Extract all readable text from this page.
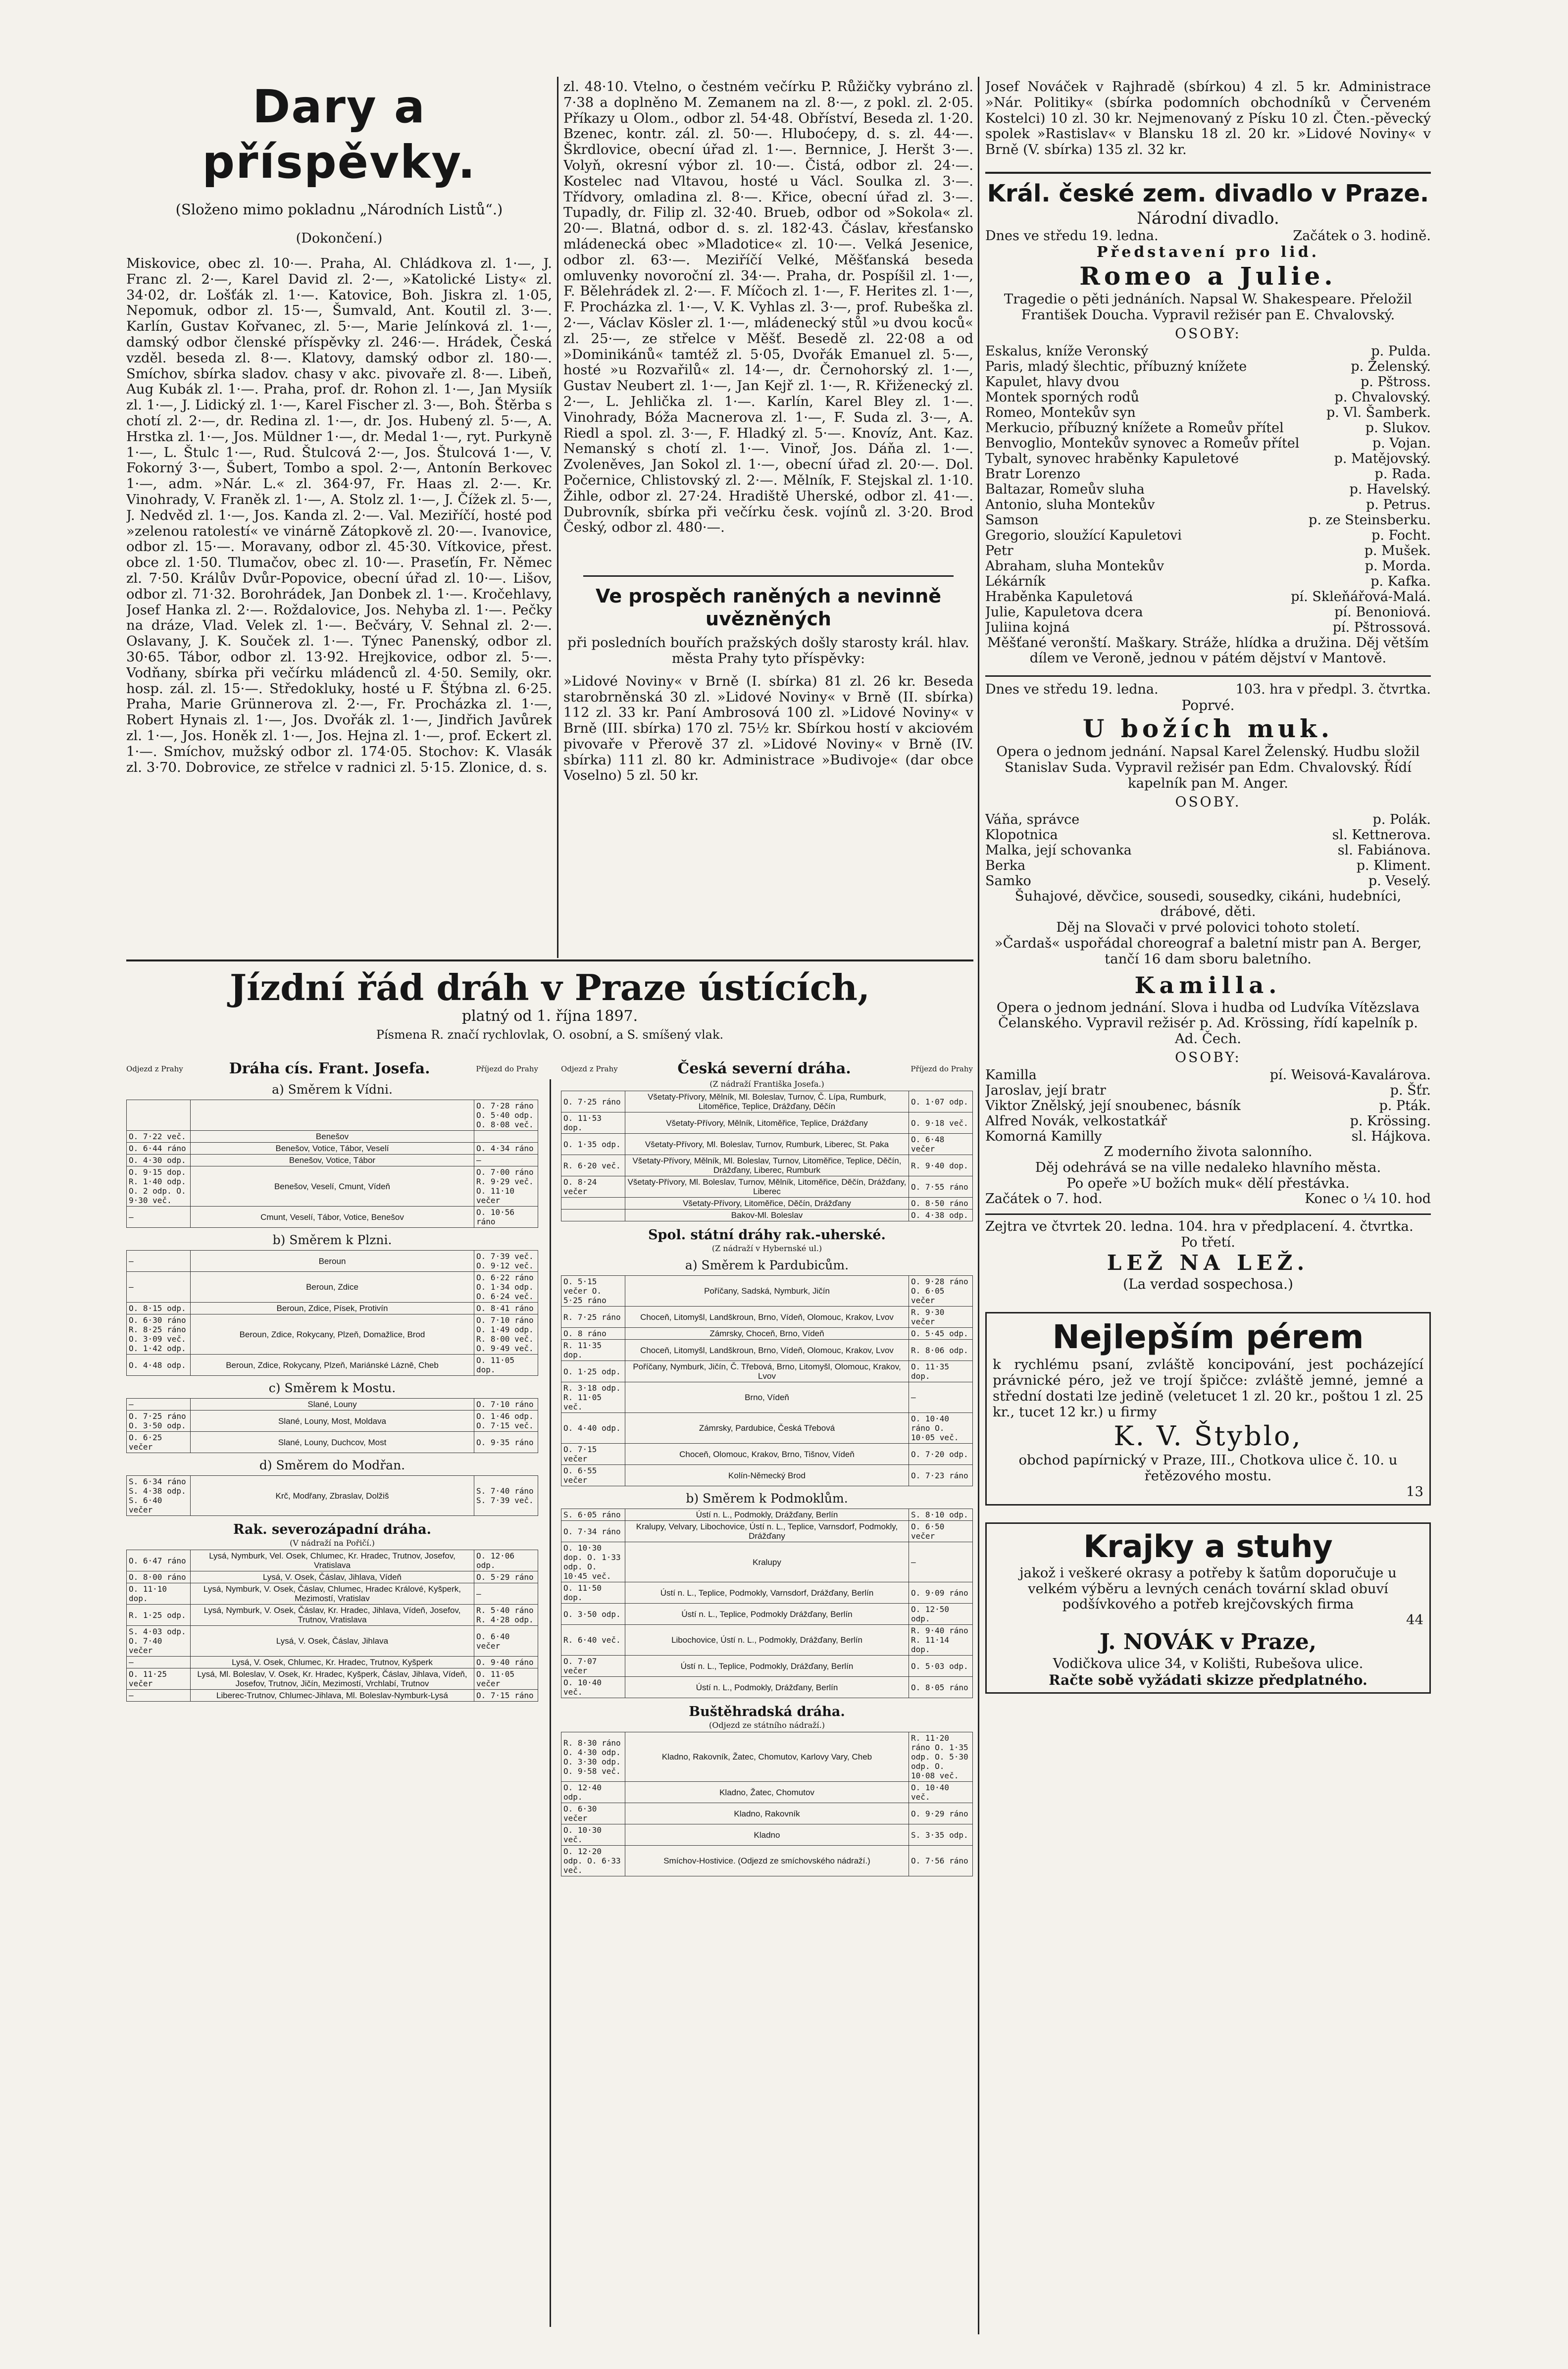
Dary a příspěvky.

(Složeno mimo pokladnu „Národních Listů“.)

(Dokončení.)

Miskovice, obec zl. 10·—. Praha, Al. Chládkova zl. 1·—, J. Franc zl. 2·—, Karel David zl. 2·—, »Katolické Listy« zl. 34·02, dr. Lošťák zl. 1·—. Katovice, Boh. Jiskra zl. 1·05, Nepomuk, odbor zl. 15·—, Šumvald, Ant. Koutil zl. 3·—. Karlín, Gustav Kořvanec, zl. 5·—, Marie Jelínková zl. 1·—, damský odbor členské příspěvky zl. 246·—. Hrádek, Česká vzděl. beseda zl. 8·—. Klatovy, damský odbor zl. 180·—. Smíchov, sbírka sladov. chasy v akc. pivovaře zl. 8·—. Libeň, Aug Kubák zl. 1·—. Praha, prof. dr. Rohon zl. 1·—, Jan Mysiík zl. 1·—, J. Lidický zl. 1·—, Karel Fischer zl. 3·—, Boh. Štěrba s chotí zl. 2·—, dr. Redina zl. 1·—, dr. Jos. Hubený zl. 5·—, A. Hrstka zl. 1·—, Jos. Müldner 1·—, dr. Medal 1·—, ryt. Purkyně 1·—, L. Štulc 1·—, Rud. Štulcová 2·—, Jos. Štulcová 1·—, V. Fokorný 3·—, Šubert, Tombo a spol. 2·—, Antonín Berkovec 1·—, adm. »Nár. L.« zl. 364·97, Fr. Haas zl. 2·—. Kr. Vinohrady, V. Franěk zl. 1·—, A. Stolz zl. 1·—, J. Čížek zl. 5·—, J. Nedvěd zl. 1·—, Jos. Kanda zl. 2·—. Val. Meziříčí, hosté pod »zelenou ratolestí« ve vinárně Zátopkově zl. 20·—. Ivanovice, odbor zl. 15·—. Moravany, odbor zl. 45·30. Vítkovice, přest. obce zl. 1·50. Tlumačov, obec zl. 10·—. Praseťín, Fr. Němec zl. 7·50. Králův Dvůr-Popovice, obecní úřad zl. 10·—. Lišov, odbor zl. 71·32. Borohrádek, Jan Donbek zl. 1·—. Kročehlavy, Josef Hanka zl. 2·—. Roždalovice, Jos. Nehyba zl. 1·—. Pečky na dráze, Vlad. Velek zl. 1·—. Bečváry, V. Sehnal zl. 2·—. Oslavany, J. K. Souček zl. 1·—. Týnec Panenský, odbor zl. 30·65. Tábor, odbor zl. 13·92. Hrejkovice, odbor zl. 5·—. Vodňany, sbírka při večírku mládenců zl. 4·50. Semily, okr. hosp. zál. zl. 15·—. Středokluky, hosté u F. Štýbna zl. 6·25. Praha, Marie Grünnerova zl. 2·—, Fr. Procházka zl. 1·—, Robert Hynais zl. 1·—, Jos. Dvořák zl. 1·—, Jindřich Javůrek zl. 1·—, Jos. Honěk zl. 1·—, Jos. Hejna zl. 1·—, prof. Eckert zl. 1·—. Smíchov, mužský odbor zl. 174·05. Stochov: K. Vlasák zl. 3·70. Dobrovice, ze střelce v radnici zl. 5·15. Zlonice, d. s.

zl. 48·10. Vtelno, o čestném večírku P. Růžičky vybráno zl. 7·38 a doplněno M. Zemanem na zl. 8·—, z pokl. zl. 2·05. Příkazy u Olom., odbor zl. 54·48. Obříství, Beseda zl. 1·20. Bzenec, kontr. zál. zl. 50·—. Hluboćepy, d. s. zl. 44·—. Škrdlovice, obecní úřad zl. 1·—. Bernnice, J. Heršt 3·—. Volyň, okresní výbor zl. 10·—. Čistá, odbor zl. 24·—. Kostelec nad Vltavou, hosté u Václ. Soulka zl. 3·—. Třídvory, omladina zl. 8·—. Křice, obecní úřad zl. 3·—. Tupadly, dr. Filip zl. 32·40. Brueb, odbor od »Sokola« zl. 20·—. Blatná, odbor d. s. zl. 182·43. Čáslav, křesťansko mládenecká obec »Mladotice« zl. 10·—. Velká Jesenice, odbor zl. 63·—. Meziříčí Velké, Měšťanská beseda omluvenky novoroční zl. 34·—. Praha, dr. Pospíšil zl. 1·—, F. Bělehrádek zl. 2·—. F. Míčoch zl. 1·—, F. Herites zl. 1·—, F. Procházka zl. 1·—, V. K. Vyhlas zl. 3·—, prof. Rubeška zl. 2·—, Václav Kösler zl. 1·—, mládenecký stůl »u dvou koců« zl. 25·—, ze střelce v Měšť. Besedě zl. 22·08 a od »Dominikánů« tamtéž zl. 5·05, Dvořák Emanuel zl. 5·—, hosté »u Rozvařilů« zl. 14·—, dr. Černohorský zl. 1·—, Gustav Neubert zl. 1·—, Jan Kejř zl. 1·—, R. Křiženecký zl. 2·—, L. Jehlička zl. 1·—. Karlín, Karel Bley zl. 1·—. Vinohrady, Bóža Macnerova zl. 1·—, F. Suda zl. 3·—, A. Riedl a spol. zl. 3·—, F. Hladký zl. 5·—. Knovíz, Ant. Kaz. Nemanský s chotí zl. 1·—. Vinoř, Jos. Dáňa zl. 1·—. Zvoleněves, Jan Sokol zl. 1·—, obecní úřad zl. 20·—. Dol. Počernice, Chlistovský zl. 2·—. Mělník, F. Stejskal zl. 1·10. Žihle, odbor zl. 27·24. Hradiště Uherské, odbor zl. 41·—. Dubrovník, sbírka při večírku česk. vojínů zl. 3·20. Brod Český, odbor zl. 480·—.

Ve prospěch raněných a nevinně uvězněných

při posledních bouřích pražských došly starosty král. hlav. města Prahy tyto příspěvky:

»Lidové Noviny« v Brně (I. sbírka) 81 zl. 26 kr. Beseda starobrněnská 30 zl. »Lidové Noviny« v Brně (II. sbírka) 112 zl. 33 kr. Paní Ambrosová 100 zl. »Lidové Noviny« v Brně (III. sbírka) 170 zl. 75½ kr. Sbírkou hostí v akciovém pivovaře v Přerově 37 zl. »Lidové Noviny« v Brně (IV. sbírka) 111 zl. 80 kr. Administrace »Budivoje« (dar obce Voselno) 5 zl. 50 kr.

Jízdní řád dráh v Praze ústících,
platný od 1. října 1897.
Písmena R. značí rychlovlak, O. osobní, a S. smíšený vlak.
Odjezd z Prahy	Dráha cís. Frant. Josefa.	Příjezd do Prahy
a) Směrem k Vídni.
		O. 7·28 ráno O. 5·40 odp. O. 8·08 več.
O. 7·22 več.	Benešov	
O. 6·44 ráno	Benešov, Votice, Tábor, Veselí	O. 4·34 ráno
O. 4·30 odp.	Benešov, Votice, Tábor	—
O. 9·15 dop. R. 1·40 odp. O. 2 odp. O. 9·30 več.	Benešov, Veselí, Cmunt, Vídeň	O. 7·00 ráno R. 9·29 več. O. 11·10 večer
—	Cmunt, Veselí, Tábor, Votice, Benešov	O. 10·56 ráno
b) Směrem k Plzni.
—	Beroun	O. 7·39 več. O. 9·12 več.
—	Beroun, Zdice	O. 6·22 ráno O. 1·34 odp. O. 6·24 več.
O. 8·15 odp.	Beroun, Zdice, Písek, Protivín	O. 8·41 ráno
O. 6·30 ráno R. 8·25 ráno O. 3·09 več. O. 1·42 odp.	Beroun, Zdice, Rokycany, Plzeň, Domažlice, Brod	O. 7·10 ráno O. 1·49 odp. R. 8·00 več. O. 9·49 več.
O. 4·48 odp.	Beroun, Zdice, Rokycany, Plzeň, Mariánské Lázně, Cheb	O. 11·05 dop.
c) Směrem k Mostu.
—	Slané, Louny	O. 7·10 ráno
O. 7·25 ráno O. 3·50 odp.	Slané, Louny, Most, Moldava	O. 1·46 odp. O. 7·15 več.
O. 6·25 večer	Slané, Louny, Duchcov, Most	O. 9·35 ráno
d) Směrem do Modřan.
S. 6·34 ráno S. 4·38 odp. S. 6·40 večer	Krč, Modřany, Zbraslav, Dolžiš	S. 7·40 ráno S. 7·39 več.
Rak. severozápadní dráha.
(V nádraží na Pořičí.)
O. 6·47 ráno	Lysá, Nymburk, Vel. Osek, Chlumec, Kr. Hradec, Trutnov, Josefov, Vratislava	O. 12·06 odp.
O. 8·00 ráno	Lysá, V. Osek, Čáslav, Jihlava, Vídeň	O. 5·29 ráno
O. 11·10 dop.	Lysá, Nymburk, V. Osek, Čáslav, Chlumec, Hradec Králové, Kyšperk, Mezimostí, Vratislav	—
R. 1·25 odp.	Lysá, Nymburk, V. Osek, Čáslav, Kr. Hradec, Jihlava, Vídeň, Josefov, Trutnov, Vratislava	R. 5·40 ráno R. 4·28 odp.
S. 4·03 odp. O. 7·40 večer	Lysá, V. Osek, Čáslav, Jihlava	O. 6·40 večer
—	Lysá, V. Osek, Chlumec, Kr. Hradec, Trutnov, Kyšperk	O. 9·40 ráno
O. 11·25 večer	Lysá, Ml. Boleslav, V. Osek, Kr. Hradec, Kyšperk, Čáslav, Jihlava, Vídeň, Josefov, Trutnov, Jičín, Mezimostí, Vrchlabí, Trutnov	O. 11·05 večer
—	Liberec-Trutnov, Chlumec-Jihlava, Ml. Boleslav-Nymburk-Lysá	O. 7·15 ráno
Odjezd z Prahy	Česká severní dráha.	Příjezd do Prahy
(Z nádraží Františka Josefa.)
O. 7·25 ráno	Všetaty-Přívory, Mělník, Ml. Boleslav, Turnov, Č. Lípa, Rumburk, Litoměřice, Teplice, Drážďany, Děčín	O. 1·07 odp.
O. 11·53 dop.	Všetaty-Přívory, Mělník, Litoměřice, Teplice, Drážďany	O. 9·18 več.
O. 1·35 odp.	Všetaty-Přívory, Ml. Boleslav, Turnov, Rumburk, Liberec, St. Paka	O. 6·48 večer
R. 6·20 več.	Všetaty-Přívory, Mělník, Ml. Boleslav, Turnov, Litoměřice, Teplice, Děčín, Drážďany, Liberec, Rumburk	R. 9·40 dop.
O. 8·24 večer	Všetaty-Přívory, Ml. Boleslav, Turnov, Mělník, Litoměřice, Děčín, Drážďany, Liberec	O. 7·55 ráno
	Všetaty-Přívory, Litoměřice, Děčín, Drážďany	O. 8·50 ráno
	Bakov-Ml. Boleslav	O. 4·38 odp.
Spol. státní dráhy rak.-uherské.
(Z nádraží v Hybernské ul.)
a) Směrem k Pardubicům.
O. 5·15 večer O. 5·25 ráno	Poříčany, Sadská, Nymburk, Jičín	O. 9·28 ráno O. 6·05 večer
R. 7·25 ráno	Choceň, Litomyšl, Landškroun, Brno, Vídeň, Olomouc, Krakov, Lvov	R. 9·30 večer
O. 8 ráno	Zámrsky, Choceň, Brno, Vídeň	O. 5·45 odp.
R. 11·35 dop.	Choceň, Litomyšl, Landškroun, Brno, Vídeň, Olomouc, Krakov, Lvov	R. 8·06 odp.
O. 1·25 odp.	Poříčany, Nymburk, Jičín, Č. Třebová, Brno, Litomyšl, Olomouc, Krakov, Lvov	O. 11·35 dop.
R. 3·18 odp. R. 11·05 več.	Brno, Vídeň	—
O. 4·40 odp.	Zámrsky, Pardubice, Česká Třebová	O. 10·40 ráno O. 10·05 več.
O. 7·15 večer	Choceň, Olomouc, Krakov, Brno, Tišnov, Vídeň	O. 7·20 odp.
O. 6·55 večer	Kolín-Německý Brod	O. 7·23 ráno
b) Směrem k Podmoklům.
S. 6·05 ráno	Ústí n. L., Podmokly, Drážďany, Berlín	S. 8·10 odp.
O. 7·34 ráno	Kralupy, Velvary, Libochovice, Ústí n. L., Teplice, Varnsdorf, Podmokly, Drážďany	O. 6·50 večer
O. 10·30 dop. O. 1·33 odp. O. 10·45 več.	Kralupy	—
O. 11·50 dop.	Ústí n. L., Teplice, Podmokly, Varnsdorf, Drážďany, Berlín	O. 9·09 ráno
O. 3·50 odp.	Ústí n. L., Teplice, Podmokly Drážďany, Berlín	O. 12·50 odp.
R. 6·40 več.	Libochovice, Ústí n. L., Podmokly, Drážďany, Berlín	R. 9·40 ráno R. 11·14 dop.
O. 7·07 večer	Ústí n. L., Teplice, Podmokly, Drážďany, Berlín	O. 5·03 odp.
O. 10·40 več.	Ústí n. L., Podmokly, Drážďany, Berlín	O. 8·05 ráno
Buštěhradská dráha.
(Odjezd ze státního nádraží.)
R. 8·30 ráno O. 4·30 odp. O. 3·30 odp. O. 9·58 več.	Kladno, Rakovník, Žatec, Chomutov, Karlovy Vary, Cheb	R. 11·20 ráno O. 1·35 odp. O. 5·30 odp. O. 10·08 več.
O. 12·40 odp.	Kladno, Žatec, Chomutov	O. 10·40 več.
O. 6·30 večer	Kladno, Rakovník	O. 9·29 ráno
O. 10·30 več.	Kladno	S. 3·35 odp.
O. 12·20 odp. O. 6·33 več.	Smíchov-Hostivice. (Odjezd ze smíchovského nádraží.)	O. 7·56 ráno

Josef Nováček v Rajhradě (sbírkou) 4 zl. 5 kr. Administrace »Nár. Politiky« (sbírka podomních obchodníků v Červeném Kostelci) 10 zl. 30 kr. Nejmenovaný z Písku 10 zl. Čten.-pěvecký spolek »Rastislav« v Blansku 18 zl. 20 kr. »Lidové Noviny« v Brně (V. sbírka) 135 zl. 32 kr.

Král. české zem. divadlo v Praze.

Národní divadlo.

Dnes ve středu 19. ledna.	Začátek o 3. hodině.

Představení pro lid.

Romeo a Julie.

Tragedie o pěti jednáních. Napsal W. Shakespeare. Přeložil František Doucha. Vypravil režisér pan E. Chvalovský.

OSOBY:

Eskalus, kníže Veronský	p. Pulda.
Paris, mladý šlechtic, příbuzný knížete	p. Želenský.
Kapulet, hlavy dvou	p. Pštross.
Montek sporných rodů	p. Chvalovský.
Romeo, Montekův syn	p. Vl. Šamberk.
Merkucio, příbuzný knížete a Romeův přítel	p. Slukov.
Benvoglio, Montekův synovec a Romeův přítel	p. Vojan.
Tybalt, synovec hraběnky Kapuletové	p. Matějovský.
Bratr Lorenzo	p. Rada.
Baltazar, Romeův sluha	p. Havelský.
Antonio, sluha Montekův	p. Petrus.
Samson	p. ze Steinsberku.
Gregorio, sloužící Kapuletovi	p. Focht.
Petr	p. Mušek.
Abraham, sluha Montekův	p. Morda.
Lékárník	p. Kafka.
Hraběnka Kapuletová	pí. Skleňářová-Malá.
Julie, Kapuletova dcera	pí. Benoniová.
Juliina kojná	pí. Pštrossová.

Měšťané veronští. Maškary. Stráže, hlídka a družina. Děj větším dílem ve Veroně, jednou v pátém dějství v Mantově.

Dnes ve středu 19. ledna.	103. hra v předpl. 3. čtvrtka.

Poprvé.

U božích muk.

Opera o jednom jednání. Napsal Karel Želenský. Hudbu složil Stanislav Suda. Vypravil režisér pan Edm. Chvalovský. Řídí kapelník pan M. Anger.

OSOBY.

Váňa, správce	p. Polák.
Klopotnica	sl. Kettnerova.
Malka, její schovanka	sl. Fabiánova.
Berka	p. Kliment.
Samko	p. Veselý.

Šuhajové, děvčice, sousedi, sousedky, cikáni, hudebníci, drábové, děti.

Děj na Slovači v prvé polovici tohoto století.

»Čardaš« uspořádal choreograf a baletní mistr pan A. Berger, tančí 16 dam sboru baletního.

Kamilla.

Opera o jednom jednání. Slova i hudba od Ludvíka Vítězslava Čelanského. Vypravil režisér p. Ad. Krössing, řídí kapelník p. Ad. Čech.

OSOBY:

Kamilla	pí. Weisová-Kavalárova.
Jaroslav, její bratr	p. Šťr.
Viktor Znělský, její snoubenec, básník	p. Pták.
Alfred Novák, velkostatkář	p. Krössing.
Komorná Kamilly	sl. Hájkova.

Z moderního života salonního.

Děj odehrává se na ville nedaleko hlavního města.

Po opeře »U božích muk« dělí přestávka.

Začátek o 7. hod.	Konec o ¼ 10. hod

Zejtra ve čtvrtek 20. ledna. 104. hra v předplacení. 4. čtvrtka.

Po třetí.

LEŽ NA LEŽ.

(La verdad sospechosa.)

Nejlepším pérem

k rychlému psaní, zvláště koncipování, jest pocházející právnické péro, jež ve trojí špičce: zvláště jemné, jemné a střední dostati lze jedině (veletucet 1 zl. 20 kr., poštou 1 zl. 25 kr., tucet 12 kr.) u firmy

K. V. Štyblo,

obchod papírnický v Praze, III., Chotkova ulice č. 10. u řetězového mostu.

13

Krajky a stuhy

jakož i veškeré okrasy a potřeby k šatům doporučuje u velkém výběru a levných cenách tovární sklad obuví podšívkového a potřeb krejčovských firma

44

J. NOVÁK v Praze,

Vodičkova ulice 34, v Kolišti, Rubešova ulice.

Račte sobě vyžádati skizze předplatného.
